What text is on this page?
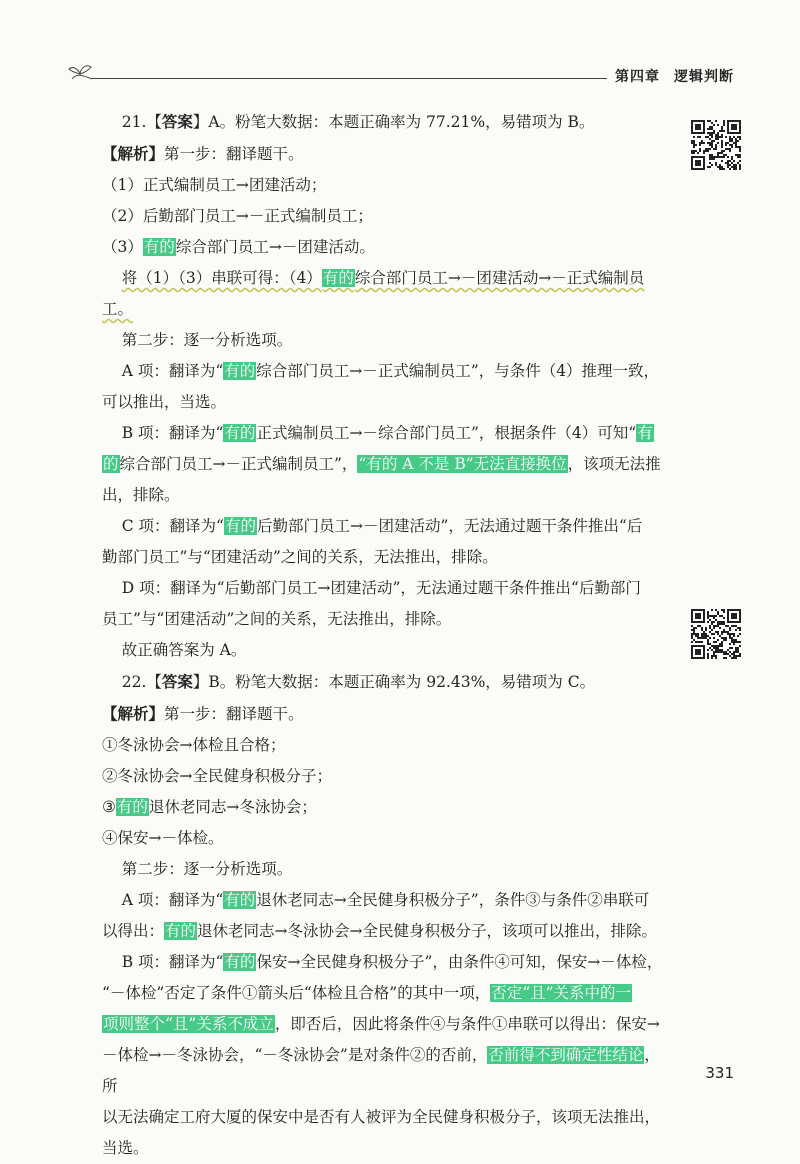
第四章 逻辑判断

21.【答案】A。粉笔大数据：本题正确率为 77.21%，易错项为 B。

【解析】第一步：翻译题干。

（1）正式编制员工→团建活动；

（2）后勤部门员工→－正式编制员工；

（3）有的综合部门员工→－团建活动。

将（1）（3）串联可得：（4）有的综合部门员工→－团建活动→－正式编制员工。

第二步：逐一分析选项。

A 项：翻译为“有的综合部门员工→－正式编制员工”，与条件（4）推理一致，

可以推出，当选。

B 项：翻译为“有的正式编制员工→－综合部门员工”，根据条件（4）可知“有

的综合部门员工→－正式编制员工”，“有的 A 不是 B”无法直接换位，该项无法推

出，排除。

C 项：翻译为“有的后勤部门员工→－团建活动”，无法通过题干条件推出“后

勤部门员工”与“团建活动”之间的关系，无法推出，排除。

D 项：翻译为“后勤部门员工→团建活动”，无法通过题干条件推出“后勤部门

员工”与“团建活动”之间的关系，无法推出，排除。

故正确答案为 A。

22.【答案】B。粉笔大数据：本题正确率为 92.43%，易错项为 C。

【解析】第一步：翻译题干。

①冬泳协会→体检且合格；

②冬泳协会→全民健身积极分子；

③有的退休老同志→冬泳协会；

④保安→－体检。

第二步：逐一分析选项。

A 项：翻译为“有的退休老同志→全民健身积极分子”，条件③与条件②串联可

以得出：有的退休老同志→冬泳协会→全民健身积极分子，该项可以推出，排除。

B 项：翻译为“有的保安→全民健身积极分子”，由条件④可知，保安→－体检，

“－体检”否定了条件①箭头后“体检且合格”的其中一项，否定“且”关系中的一

项则整个“且”关系不成立，即否后，因此将条件④与条件①串联可以得出：保安→

－体检→－冬泳协会，“－冬泳协会”是对条件②的否前，否前得不到确定性结论，所

以无法确定工府大厦的保安中是否有人被评为全民健身积极分子，该项无法推出，

当选。

331
